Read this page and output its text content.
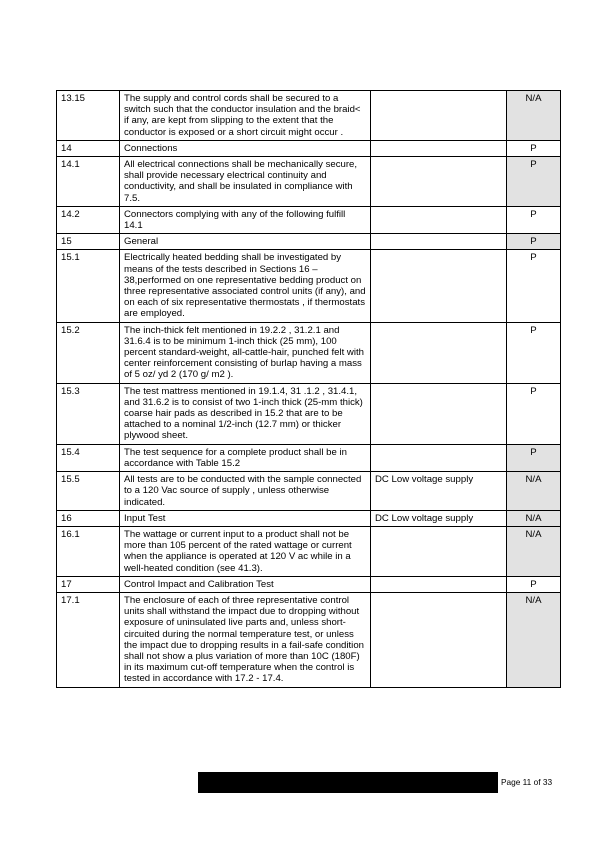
13.15	The supply and control cords shall be secured to a switch such that the conductor insulation and the braid< if any, are kept from slipping to the extent that the conductor is exposed or a short circuit might occur .		N/A
14	Connections		P
14.1	All electrical connections shall be mechanically secure, shall provide necessary electrical continuity and conductivity, and shall be insulated in compliance with 7.5.		P
14.2	Connectors complying with any of the following fulfill 14.1		P
15	General		P
15.1	Electrically heated bedding shall be investigated by means of the tests described in Sections 16 – 38,performed on one representative bedding product on three representative associated control units (if any), and on each of six representative thermostats , if thermostats are employed.		P
15.2	The inch-thick felt mentioned in 19.2.2 , 31.2.1 and 31.6.4 is to be minimum 1-inch thick (25 mm), 100 percent standard-weight, all-cattle-hair, punched felt with center reinforcement consisting of burlap having a mass of 5 oz/ yd 2 (170 g/ m2 ).		P
15.3	The test mattress mentioned in 19.1.4, 31 .1.2 , 31.4.1, and 31.6.2 is to consist of two 1-inch thick (25-mm thick) coarse hair pads as described in 15.2 that are to be attached to a nominal 1/2-inch (12.7 mm) or thicker plywood sheet.		P
15.4	The test sequence for a complete product shall be in accordance with Table 15.2		P
15.5	All tests are to be conducted with the sample connected to a 120 Vac source of supply , unless otherwise indicated.	DC Low voltage supply	N/A
16	Input Test	DC Low voltage supply	N/A
16.1	The wattage or current input to a product shall not be more than 105 percent of the rated wattage or current when the appliance is operated at 120 V ac while in a well-heated condition (see 41.3).		N/A
17	Control Impact and Calibration Test		P
17.1	The enclosure of each of three representative control units shall withstand the impact due to dropping without exposure of uninsulated live parts and, unless short-circuited during the normal temperature test, or unless the impact due to dropping results in a fail-safe condition shall not show a plus variation of more than 10C (180F) in its maximum cut-off temperature when the control is tested in accordance with 17.2 - 17.4.		N/A
Page 11 of 33
